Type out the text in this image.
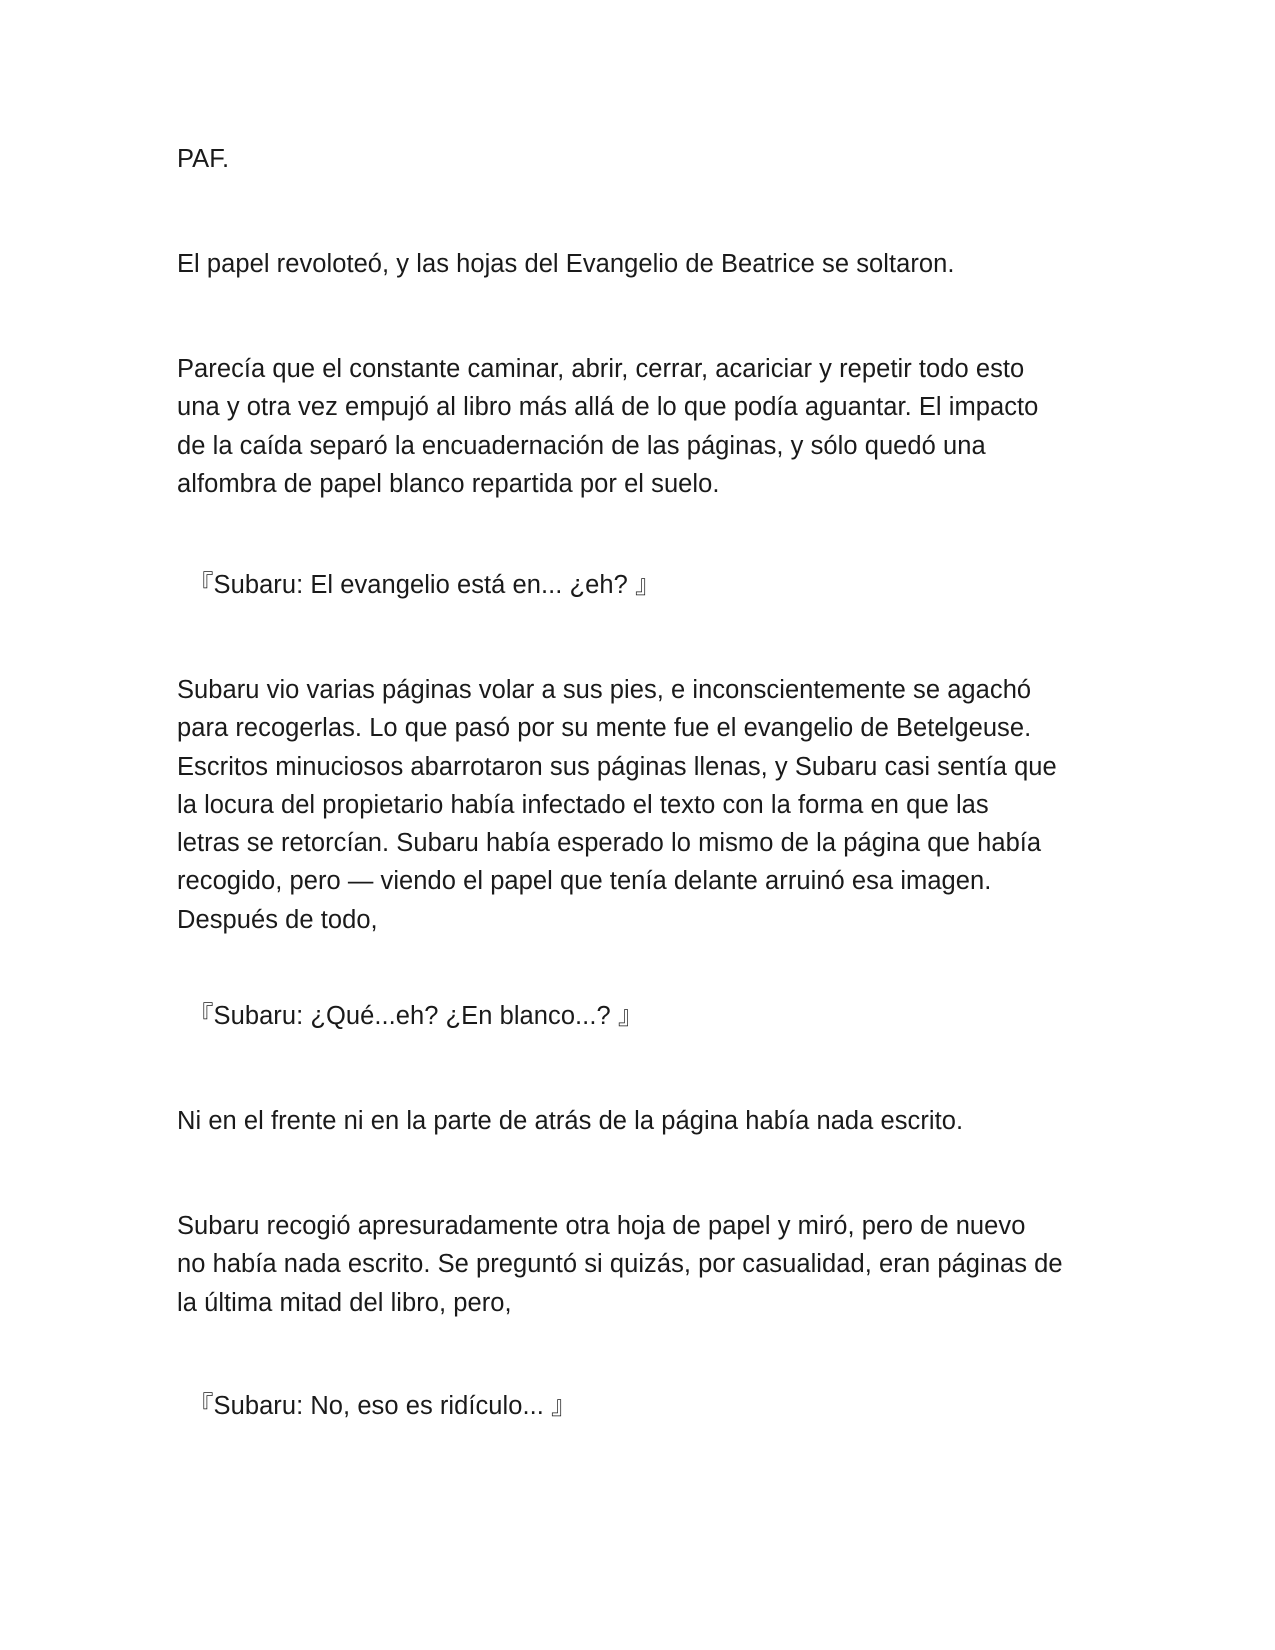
PAF.

El papel revoloteó, y las hojas del Evangelio de Beatrice se soltaron.

Parecía que el constante caminar, abrir, cerrar, acariciar y repetir todo esto
una y otra vez empujó al libro más allá de lo que podía aguantar. El impacto
de la caída separó la encuadernación de las páginas, y sólo quedó una
alfombra de papel blanco repartida por el suelo.

『Subaru: El evangelio está en... ¿eh? 』

Subaru vio varias páginas volar a sus pies, e inconscientemente se agachó
para recogerlas. Lo que pasó por su mente fue el evangelio de Betelgeuse.
Escritos minuciosos abarrotaron sus páginas llenas, y Subaru casi sentía que
la locura del propietario había infectado el texto con la forma en que las
letras se retorcían. Subaru había esperado lo mismo de la página que había
recogido, pero — viendo el papel que tenía delante arruinó esa imagen.
Después de todo,

『Subaru: ¿Qué...eh? ¿En blanco...? 』

Ni en el frente ni en la parte de atrás de la página había nada escrito.

Subaru recogió apresuradamente otra hoja de papel y miró, pero de nuevo
no había nada escrito. Se preguntó si quizás, por casualidad, eran páginas de
la última mitad del libro, pero,

『Subaru: No, eso es ridículo... 』
